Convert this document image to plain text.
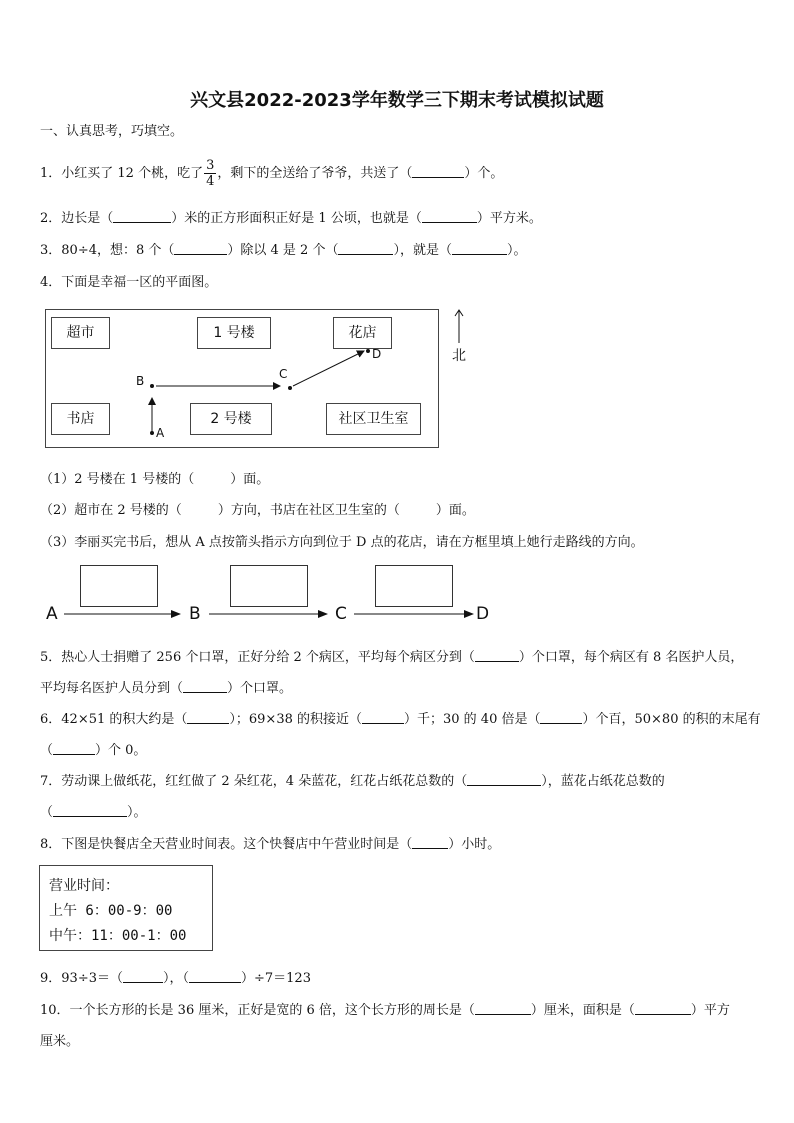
兴文县2022-2023学年数学三下期末考试模拟试题
一、认真思考，巧填空。
1．小红买了 12 个桃，吃了 $\frac{3}{4}$ ，剩下的全送给了爷爷，共送了（	）个。
2．边长是（	）米的正方形面积正好是 1 公顷，也就是（	）平方米。
3．80÷4，想：8 个（	）除以 4 是 2 个（	），就是（	）。
4．下面是幸福一区的平面图。
超市	1 号楼	花店
书店	2 号楼	社区卫生室
A
B	C
D	北
（1）2 号楼在 1 号楼的（	）面。
（2）超市在 2 号楼的（	）方向，书店在社区卫生室的（	）面。
（3）李丽买完书后，想从 A 点按箭头指示方向到位于 D 点的花店，请在方框里填上她行走路线的方向。
A	B	C	D
5．热心人士捐赠了 256 个口罩，正好分给 2 个病区，平均每个病区分到（	）个口罩，每个病区有 8 名医护人员，
平均每名医护人员分到（	）个口罩。
6．42×51 的积大约是（	）；69×38 的积接近（	）千；30 的 40 倍是（	）个百，50×80 的积的末尾有
（	）个 0。
7．劳动课上做纸花，红红做了 2 朵红花，4 朵蓝花，红花占纸花总数的（	），蓝花占纸花总数的
（	）。
8．下图是快餐店全天营业时间表。这个快餐店中午营业时间是（	）小时。
营业时间：
上午 6：00-9：00
中午：11：00-1：00
9．93÷3＝（	），（	）÷7＝123
10．一个长方形的长是 36 厘米，正好是宽的 6 倍，这个长方形的周长是（	）厘米，面积是（	）平方
厘米。
